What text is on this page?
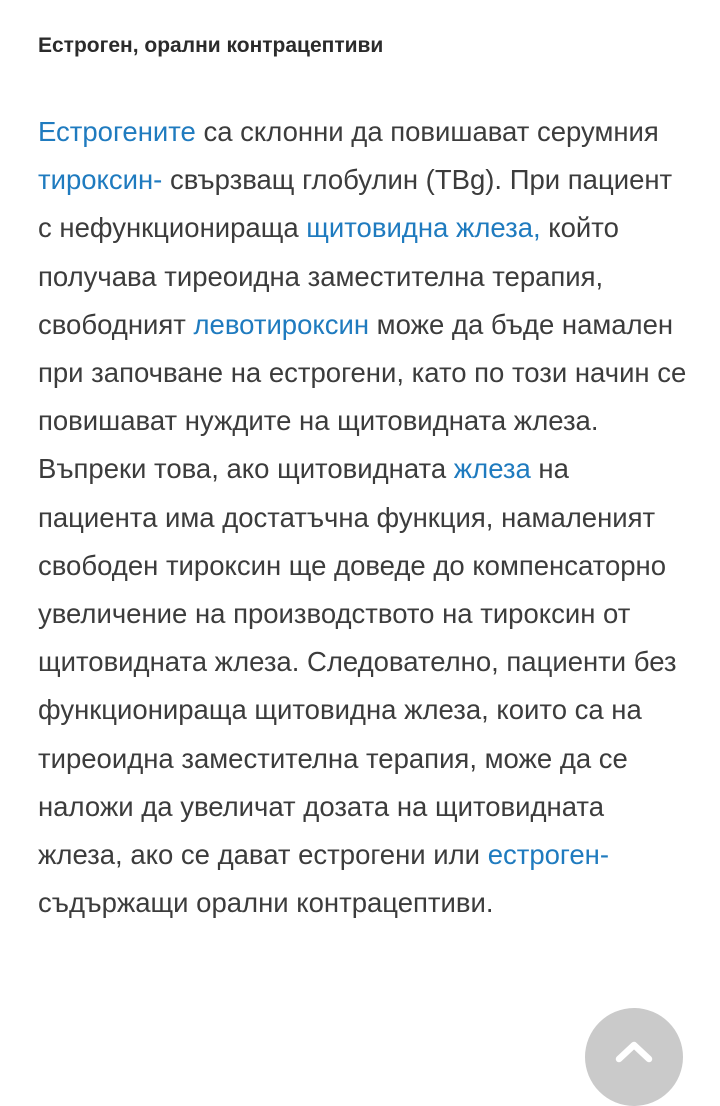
Естроген, орални контрацептиви

Естрогените са склонни да повишават серумния тироксин- свързващ глобулин (TBg). При пациент с нефункционираща щитовидна жлеза, който получава тиреоидна заместителна терапия, свободният левотироксин може да бъде намален при започване на естрогени, като по този начин се повишават нуждите на щитовидната жлеза. Въпреки това, ако щитовидната жлеза на пациента има достатъчна функция, намаленият свободен тироксин ще доведе до компенсаторно увеличение на производството на тироксин от щитовидната жлеза. Следователно, пациенти без функционираща щитовидна жлеза, които са на тиреоидна заместителна терапия, може да се наложи да увеличат дозата на щитовидната жлеза, ако се дават естрогени или естроген- съдържащи орални контрацептиви.
